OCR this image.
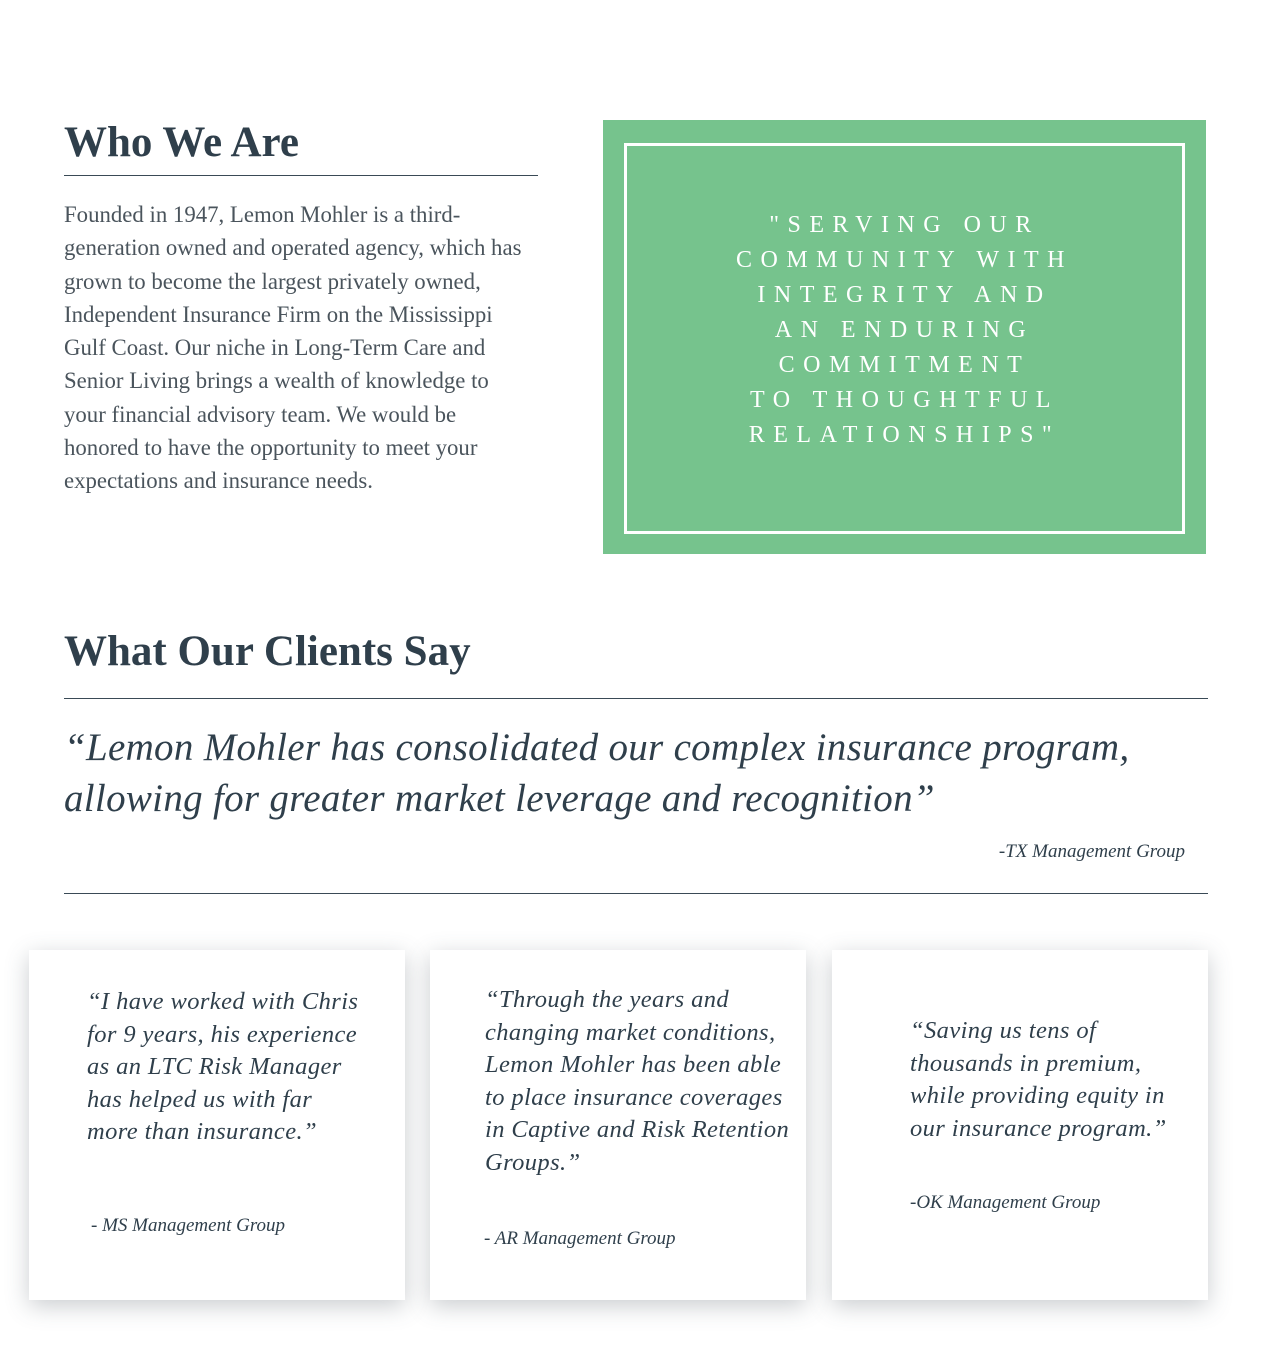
Who We Are

Founded in 1947, Lemon Mohler is a third-generation owned and operated agency, which has grown to become the largest privately owned, Independent Insurance Firm on the Mississippi Gulf Coast. Our niche in Long-Term Care and Senior Living brings a wealth of knowledge to your financial advisory team. We would be honored to have the opportunity to meet your expectations and insurance needs.

"SERVING OUR
COMMUNITY WITH
INTEGRITY AND
AN ENDURING
COMMITMENT
TO THOUGHTFUL
RELATIONSHIPS"
What Our Clients Say

“Lemon Mohler has consolidated our complex insurance program, allowing for greater market leverage and recognition”

-TX Management Group

“I have worked with Chris for 9 years, his experience as an LTC Risk Manager has helped us with far more than insurance.”

- MS Management Group

“Through the years and changing market conditions, Lemon Mohler has been able to place insurance coverages in Captive and Risk Retention Groups.”

- AR Management Group

“Saving us tens of thousands in premium, while providing equity in our insurance program.”

-OK Management Group
